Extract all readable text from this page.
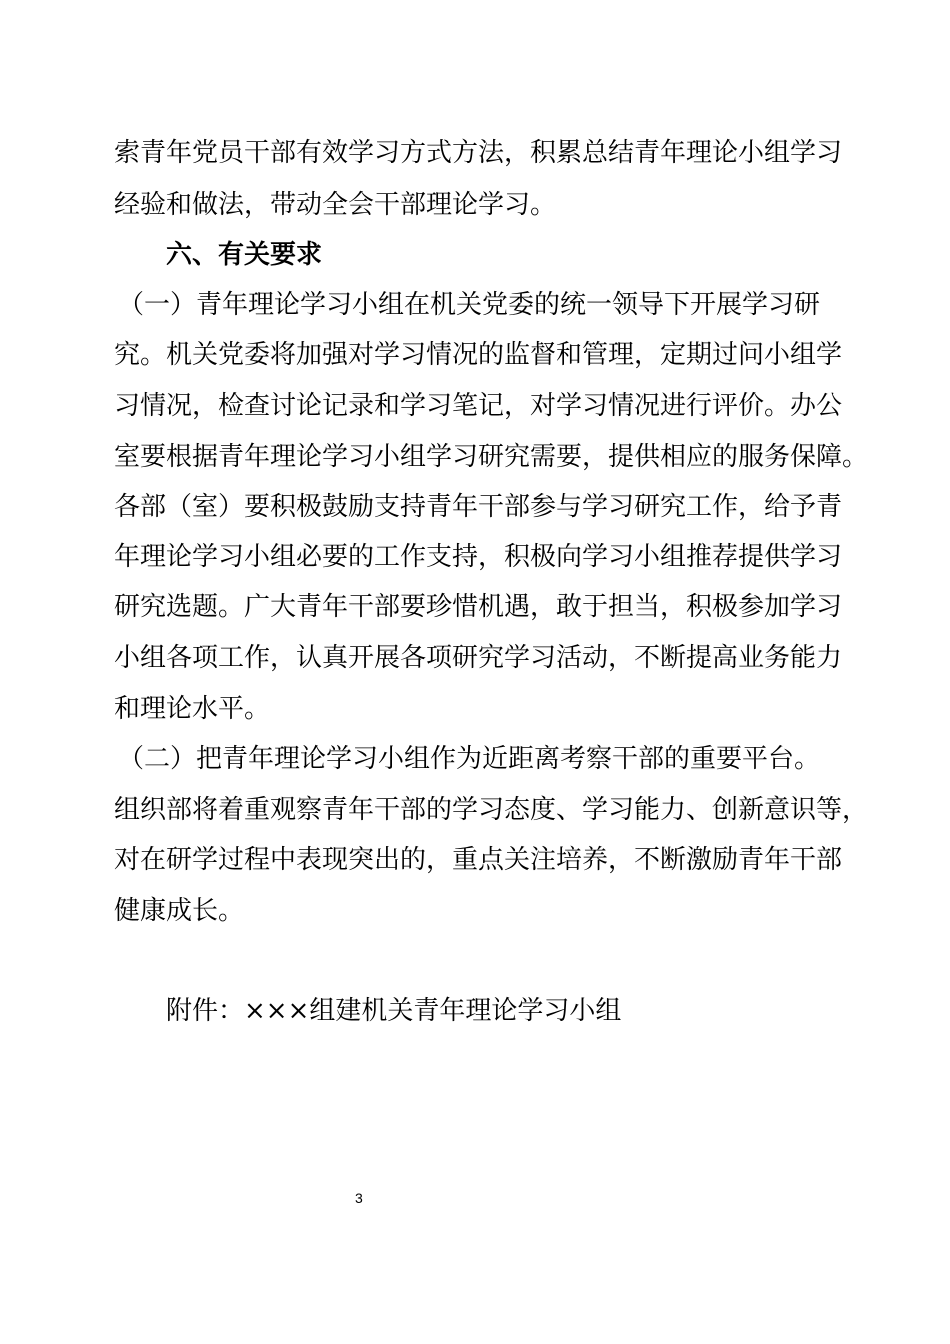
索青年党员干部有效学习方式方法，积累总结青年理论小组学习
经验和做法，带动全会干部理论学习。
六、有关要求
（一）青年理论学习小组在机关党委的统一领导下开展学习研
究。机关党委将加强对学习情况的监督和管理，定期过问小组学
习情况，检查讨论记录和学习笔记，对学习情况进行评价。办公
室要根据青年理论学习小组学习研究需要，提供相应的服务保障。
各部（室）要积极鼓励支持青年干部参与学习研究工作，给予青
年理论学习小组必要的工作支持，积极向学习小组推荐提供学习
研究选题。广大青年干部要珍惜机遇，敢于担当，积极参加学习
小组各项工作，认真开展各项研究学习活动，不断提高业务能力
和理论水平。
（二）把青年理论学习小组作为近距离考察干部的重要平台。
组织部将着重观察青年干部的学习态度、学习能力、创新意识等，
对在研学过程中表现突出的，重点关注培养，不断激励青年干部
健康成长。
附件：×××组建机关青年理论学习小组
3
